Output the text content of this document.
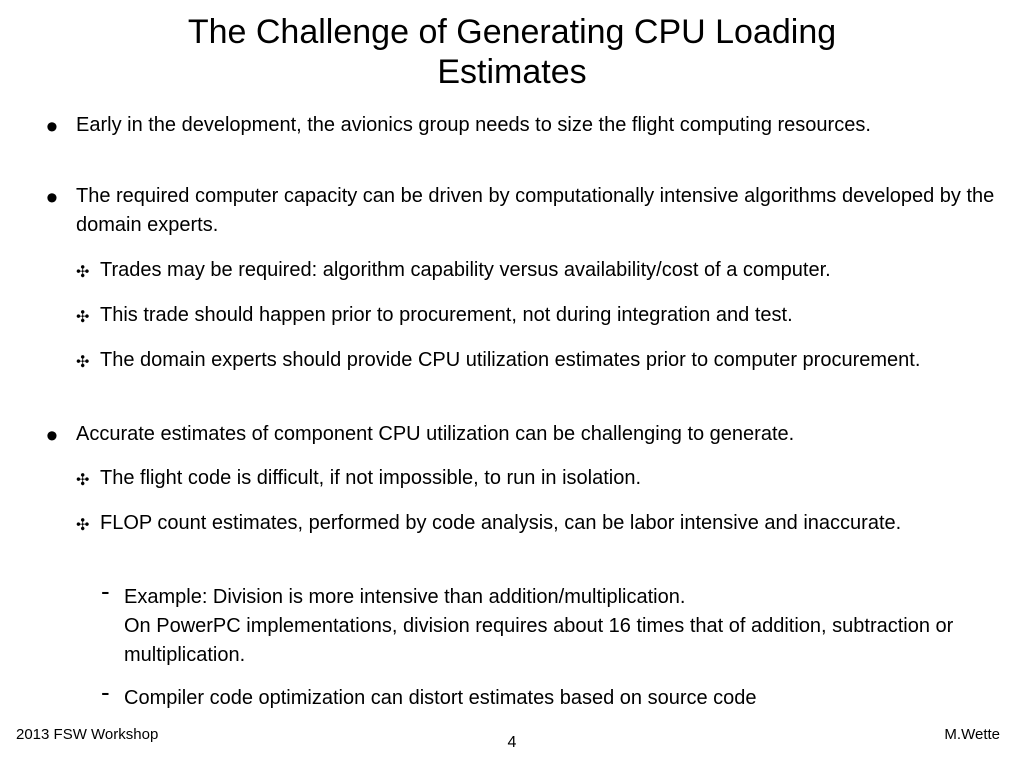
The Challenge of Generating CPU Loading
Estimates
• Early in the development, the avionics group needs to size the flight computing resources.
• The required computer capacity can be driven by computationally intensive algorithms developed by the domain experts.
✣ Trades may be required: algorithm capability versus availability/cost of a computer.
✣ This trade should happen prior to procurement, not during integration and test.
✣ The domain experts should provide CPU utilization estimates prior to computer procurement.
• Accurate estimates of component CPU utilization can be challenging to generate.
✣ The flight code is difficult, if not impossible, to run in isolation.
✣ FLOP count estimates, performed by code analysis, can be labor intensive and inaccurate.
- Example: Division is more intensive than addition/multiplication.
On PowerPC implementations, division requires about 16 times that of addition, subtraction or multiplication.
- Compiler code optimization can distort estimates based on source code
2013 FSW Workshop	4	M.Wette
